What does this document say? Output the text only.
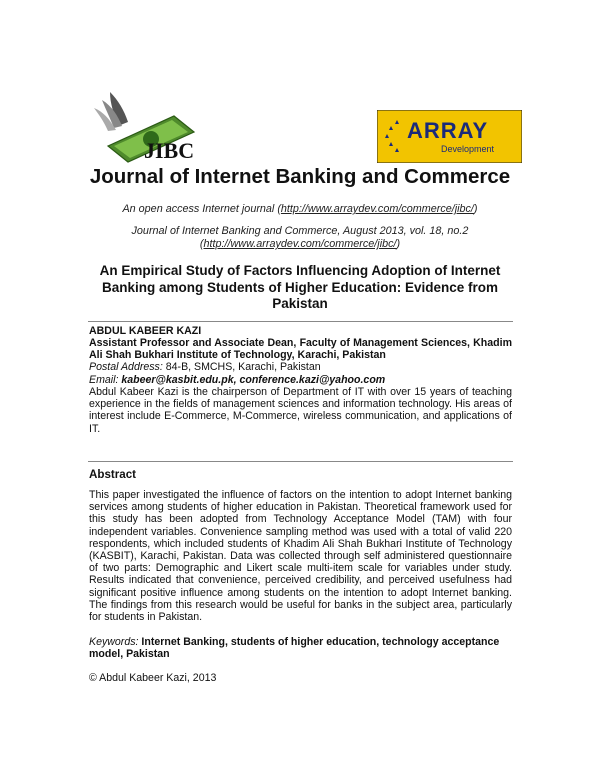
JIBC
ARRAY
Development
Journal of Internet Banking and Commerce
An open access Internet journal (http://www.arraydev.com/commerce/jibc/)
Journal of Internet Banking and Commerce, August 2013, vol. 18, no.2
(http://www.arraydev.com/commerce/jibc/)
An Empirical Study of Factors Influencing Adoption of Internet
Banking among Students of Higher Education: Evidence from
Pakistan
ABDUL KABEER KAZI
Assistant Professor and Associate Dean, Faculty of Management Sciences, Khadim Ali Shah Bukhari Institute of Technology, Karachi, Pakistan
Postal Address: 84-B, SMCHS, Karachi, Pakistan
Email: kabeer@kasbit.edu.pk, conference.kazi@yahoo.com
Abdul Kabeer Kazi is the chairperson of Department of IT with over 15 years of teaching experience in the fields of management sciences and information technology. His areas of interest include E-Commerce, M-Commerce, wireless communication, and applications of IT.
Abstract
This paper investigated the influence of factors on the intention to adopt Internet banking services among students of higher education in Pakistan. Theoretical framework used for this study has been adopted from Technology Acceptance Model (TAM) with four independent variables. Convenience sampling method was used with a total of valid 220 respondents, which included students of Khadim Ali Shah Bukhari Institute of Technology (KASBIT), Karachi, Pakistan. Data was collected through self administered questionnaire of two parts: Demographic and Likert scale multi-item scale for variables under study. Results indicated that convenience, perceived credibility, and perceived usefulness had significant positive influence among students on the intention to adopt Internet banking. The findings from this research would be useful for banks in the subject area, particularly for students in Pakistan.
Keywords: Internet Banking, students of higher education, technology acceptance model, Pakistan
© Abdul Kabeer Kazi, 2013
